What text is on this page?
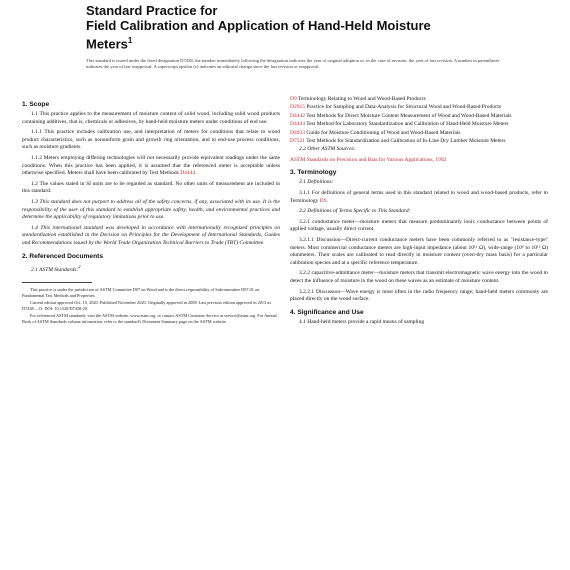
Standard Practice for
Field Calibration and Application of Hand-Held Moisture
Meters$^1$
This standard is issued under the fixed designation D7438; the number immediately following the designation indicates the year of original adoption or, in the case of revision, the year of last revision. A number in parentheses indicates the year of last reapproval. A superscript epsilon (ε) indicates an editorial change since the last revision or reapproval.
1. Scope

1.1 This practice applies to the measurement of moisture content of solid wood, including solid wood products containing additives, that is, chemicals or adhesives, by hand-held moisture meters under conditions of end use.

1.1.1 This practice includes calibration use, and interpretation of meters for conditions that relate to wood product characteristics, such as nonuniform grain and growth ring orientation, and to end-use process conditions, such as moisture gradients.

1.1.2 Meters employing differing technologies will not necessarily provide equivalent readings under the same conditions. When this practice has been applied, it is assumed that the referenced meter is acceptable unless otherwise specified. Meters shall have been calibrated by Test Methods D4444.

1.2 The values stated in SI units are to be regarded as standard. No other units of measurement are included in this standard.

1.3 This standard does not purport to address all of the safety concerns, if any, associated with its use. It is the responsibility of the user of this standard to establish appropriate safety, health, and environmental practices and determine the applicability of regulatory limitations prior to use.

1.4 This international standard was developed in accordance with internationally recognized principles on standardization established in the Decision on Principles for the Development of International Standards, Guides and Recommendations issued by the World Trade Organization Technical Barriers to Trade (TBT) Committee.

2. Referenced Documents

2.1 ASTM Standards:$^2$

This practice is under the jurisdiction of ASTM Committee D07 on Wood and is the direct responsibility of Subcommittee D07.01 on Fundamental Test Methods and Properties.

Current edition approved Oct. 15, 2020. Published November 2020. Originally approved in 2008. Last previous edition approved in 2013 as D7438 – 13. DOI: 10.1520/D7438-20.

For referenced ASTM standards, visit the ASTM website, www.astm.org, or contact ASTM Customer Service at service@astm.org. For Annual Book of ASTM Standards volume information, refer to the standard's Document Summary page on the ASTM website.

D9 Terminology Relating to Wood and Wood-Based Products
D2915 Practice for Sampling and Data-Analysis for Structural Wood and Wood-Based Products
D4442 Test Methods for Direct Moisture Content Measurement of Wood and Wood-Based Materials
D4444 Test Method for Laboratory Standardization and Calibration of Hand-Held Moisture Meters
D4933 Guide for Moisture Conditioning of Wood and Wood-Based Materials
D7521 Test Methods for Standardization and Calibration of In-Line Dry Lumber Moisture Meters

2.2 Other ASTM Sources:

ASTM Standards on Precision and Bias for Various Applications, 1992
3. Terminology

3.1 Definitions:

3.1.1 For definitions of general terms used in this standard related to wood and wood-based products, refer to Terminology D9.

3.2 Definitions of Terms Specific to This Standard:

3.2.1 conductance meter—moisture meters that measure predominantly ionic conductance between points of applied voltage, usually direct current.

3.2.1.1 Discussion—Direct-current conductance meters have been commonly referred to as "resistance-type" meters. Most commercial conductance meters are high-input impedance (about 10¹² Ω), wide-range (10⁶ to 10¹² Ω) ohmmeters. Their scales are calibrated to read directly in moisture content (oven-dry mass basis) for a particular calibration species and at a specific reference temperature.

3.2.2 capacitive-admittance meter—moisture meters that transmit electromagnetic wave energy into the wood to detect the influence of moisture in the wood on these waves as an estimate of moisture content.

3.2.2.1 Discussion—Wave energy is most often in the radio frequency range; hand-held meters commonly are placed directly on the wood surface.

4. Significance and Use

4.1 Hand-held meters provide a rapid means of sampling
